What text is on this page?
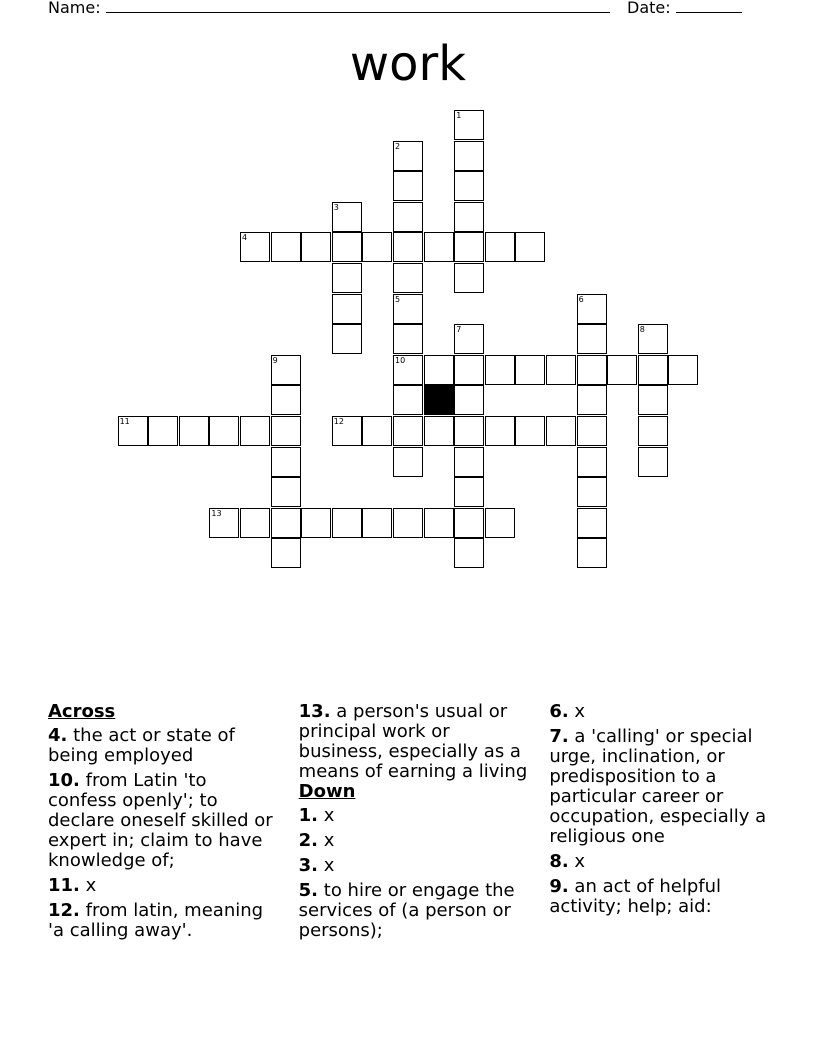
Name:	Date:
work
1
2
3
4
5	6
7	8
9	10
11	12
13
Across
4. the act or state of being employed
10. from Latin 'to confess openly'; to declare oneself skilled or expert in; claim to have knowledge of;
11. x
12. from latin, meaning 'a calling away'.
13. a person's usual or principal work or business, especially as a means of earning a living
Down
1. x
2. x
3. x
5. to hire or engage the services of (a person or persons);
6. x
7. a 'calling' or special urge, inclination, or predisposition to a particular career or occupation, especially a religious one
8. x
9. an act of helpful activity; help; aid:
